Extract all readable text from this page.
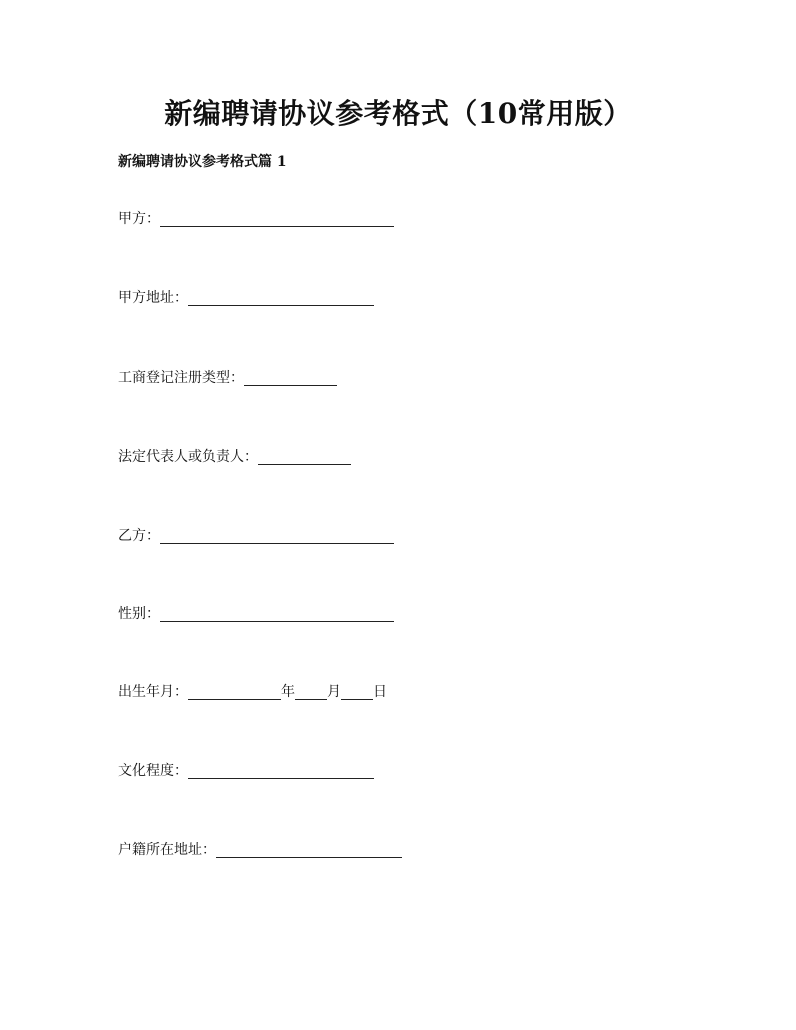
新编聘请协议参考格式（10常用版）
新编聘请协议参考格式篇 1
甲方：
甲方地址：
工商登记注册类型：
法定代表人或负责人：
乙方：
性别：
出生年月：	年 月 日
文化程度：
户籍所在地址：
